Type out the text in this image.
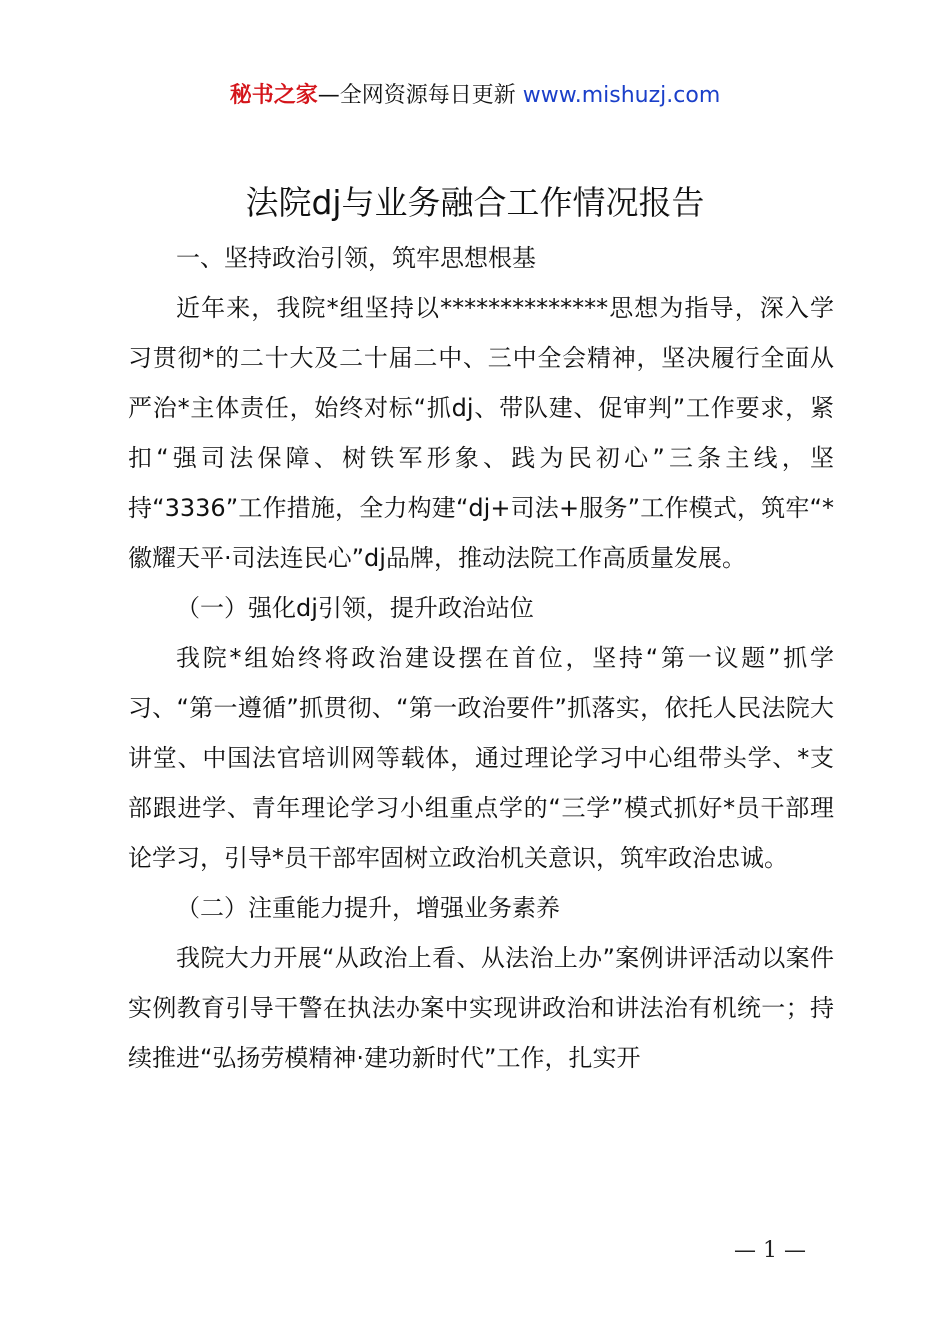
秘书之家—全网资源每日更新 www.mishuzj.com
法院dj与业务融合工作情况报告

一、坚持政治引领，筑牢思想根基

近年来，我院*组坚持以**************思想为指导，深入学习贯彻*的二十大及二十届二中、三中全会精神，坚决履行全面从严治*主体责任，始终对标“抓dj、带队建、促审判”工作要求，紧扣“强司法保障、树铁军形象、践为民初心”三条主线，坚持“3336”工作措施，全力构建“dj+司法+服务”工作模式，筑牢“*徽耀天平·司法连民心”dj品牌，推动法院工作高质量发展。

（一）强化dj引领，提升政治站位

我院*组始终将政治建设摆在首位，坚持“第一议题”抓学习、“第一遵循”抓贯彻、“第一政治要件”抓落实，依托人民法院大讲堂、中国法官培训网等载体，通过理论学习中心组带头学、*支部跟进学、青年理论学习小组重点学的“三学”模式抓好*员干部理论学习，引导*员干部牢固树立政治机关意识，筑牢政治忠诚。

（二）注重能力提升，增强业务素养

我院大力开展“从政治上看、从法治上办”案例讲评活动以案件实例教育引导干警在执法办案中实现讲政治和讲法治有机统一；持续推进“弘扬劳模精神·建功新时代”工作，扎实开

— 1 —
